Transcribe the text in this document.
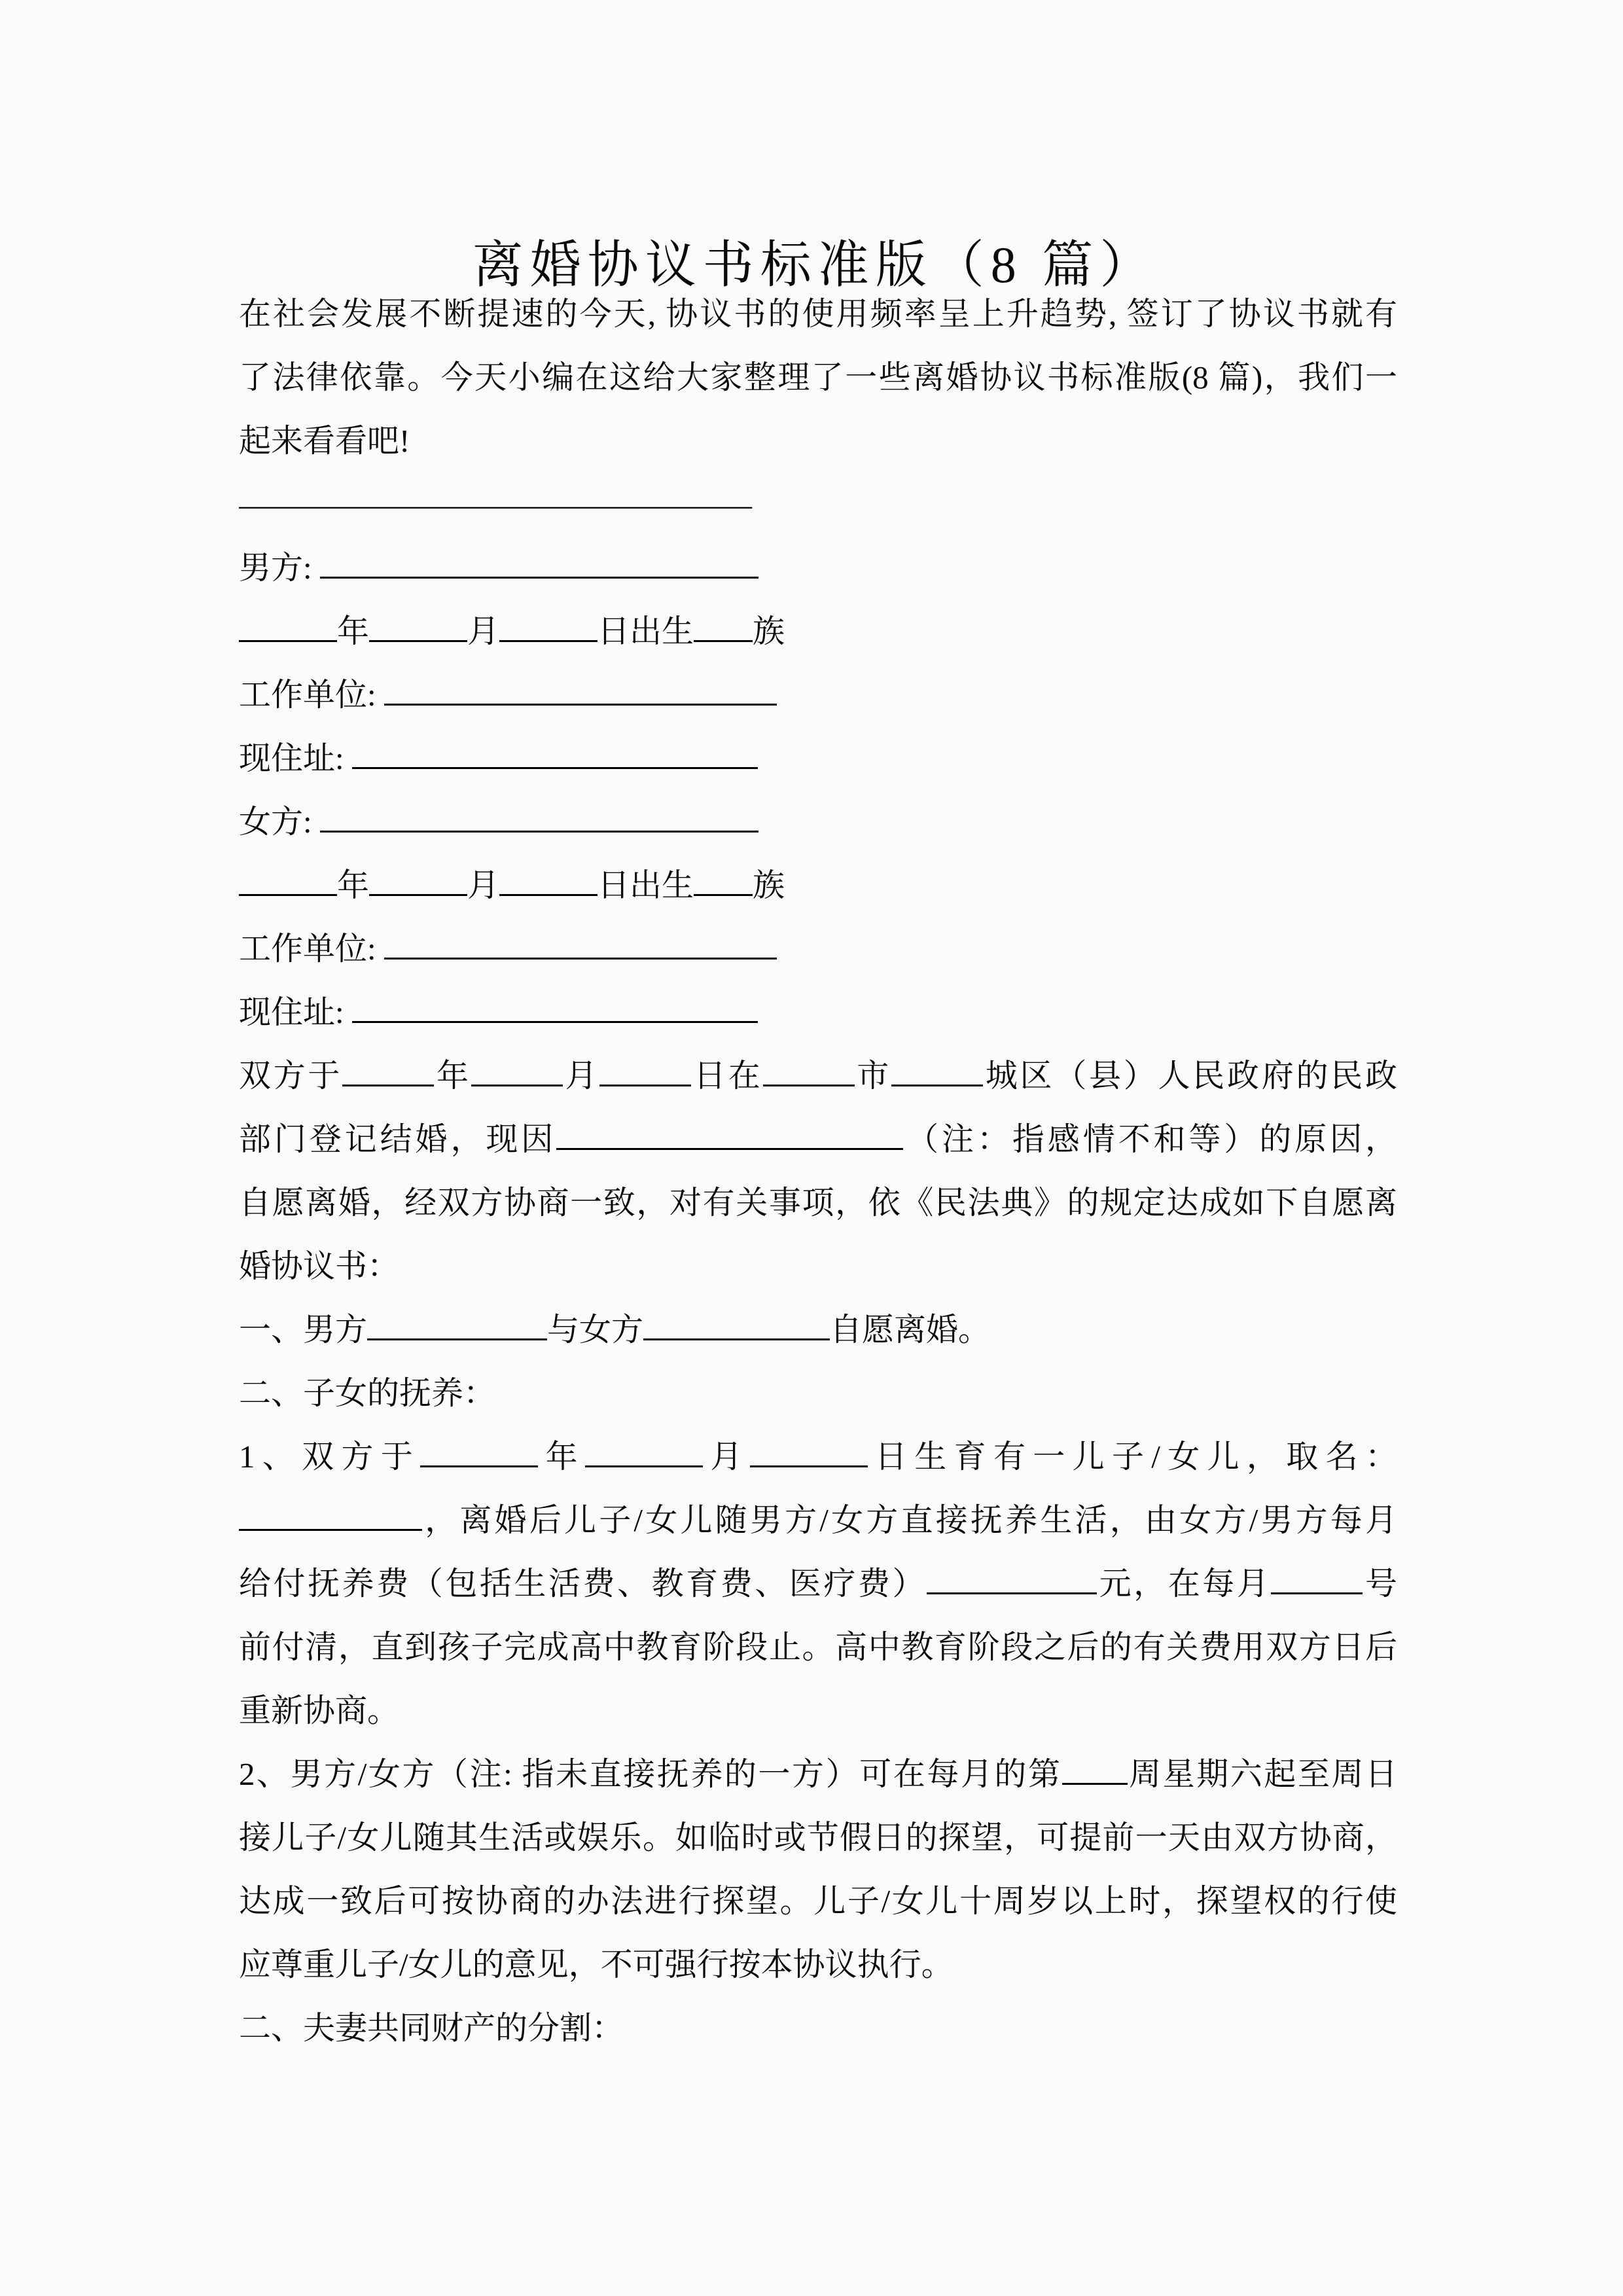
离婚协议书标准版（8 篇）
在社会发展不断提速的今天, 协议书的使用频率呈上升趋势, 签订了协议书就有
了法律依靠。今天小编在这给大家整理了一些离婚协议书标准版(8 篇)，我们一
起来看看吧!
————————————————
男方:
年	月	日出生 族
工作单位:
现住址:
女方:
年	月	日出生 族
工作单位:
现住址:
双方于	年	月	日在	市	城区（县）人民政府的民政
部门登记结婚，现因	（注：指感情不和等）的原因，
自愿离婚，经双方协商一致，对有关事项，依《民法典》的规定达成如下自愿离
婚协议书：
一、男方	与女方	自愿离婚。
二、子女的抚养：
1、双方于	年	月	日生育有一儿子/女儿，取名：
，离婚后儿子/女儿随男方/女方直接抚养生活，由女方/男方每月
给付抚养费（包括生活费、教育费、医疗费）	元，在每月	号
前付清，直到孩子完成高中教育阶段止。高中教育阶段之后的有关费用双方日后
重新协商。
2、男方/女方（注: 指未直接抚养的一方）可在每月的第 周星期六起至周日
接儿子/女儿随其生活或娱乐。如临时或节假日的探望，可提前一天由双方协商，
达成一致后可按协商的办法进行探望。儿子/女儿十周岁以上时，探望权的行使
应尊重儿子/女儿的意见，不可强行按本协议执行。
二、夫妻共同财产的分割：
